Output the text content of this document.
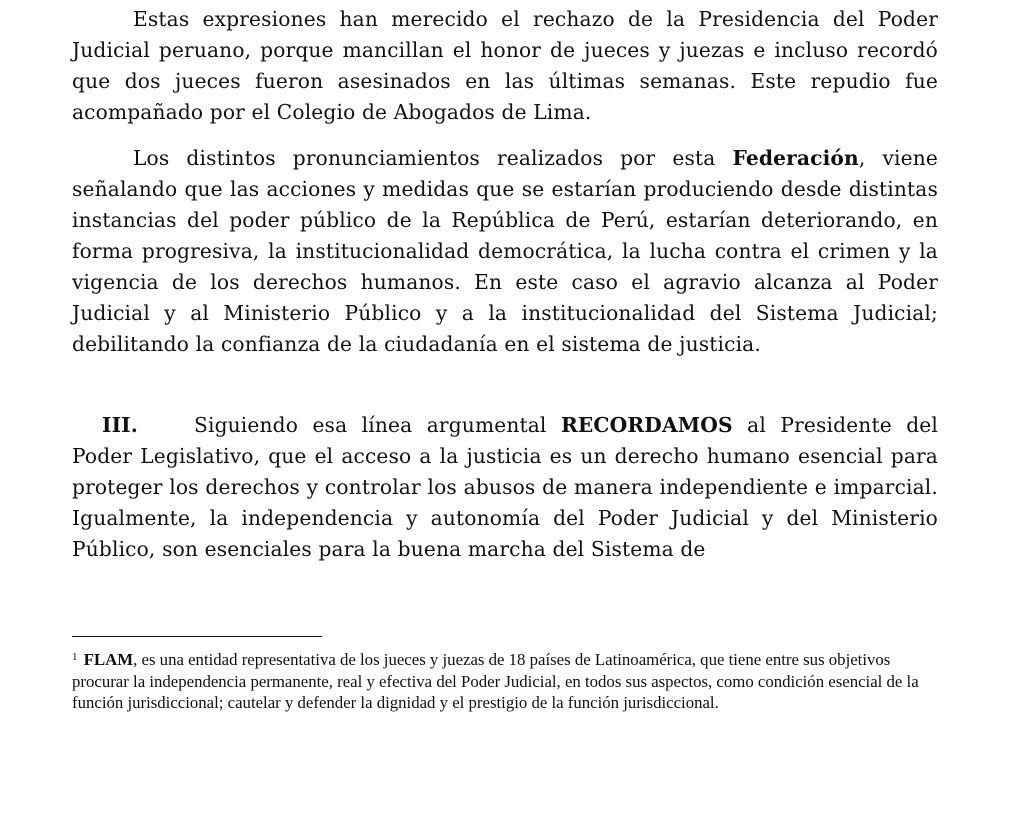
Estas expresiones han merecido el rechazo de la Presidencia del Poder Judicial peruano, porque mancillan el honor de jueces y juezas e incluso recordó que dos jueces fueron asesinados en las últimas semanas. Este repudio fue acompañado por el Colegio de Abogados de Lima.

Los distintos pronunciamientos realizados por esta Federación, viene señalando que las acciones y medidas que se estarían produciendo desde distintas instancias del poder público de la República de Perú, estarían deteriorando, en forma progresiva, la institucionalidad democrática, la lucha contra el crimen y la vigencia de los derechos humanos. En este caso el agravio alcanza al Poder Judicial y al Ministerio Público y a la institucionalidad del Sistema Judicial; debilitando la confianza de la ciudadanía en el sistema de justicia.

III.	Siguiendo esa línea argumental RECORDAMOS al Presidente del Poder Legislativo, que el acceso a la justicia es un derecho humano esencial para proteger los derechos y controlar los abusos de manera independiente e imparcial. Igualmente, la independencia y autonomía del Poder Judicial y del Ministerio Público, son esenciales para la buena marcha del Sistema de

$^1$ FLAM, es una entidad representativa de los jueces y juezas de 18 países de Latinoamérica, que tiene entre sus objetivos procurar la independencia permanente, real y efectiva del Poder Judicial, en todos sus aspectos, como condición esencial de la función jurisdiccional; cautelar y defender la dignidad y el prestigio de la función jurisdiccional.
